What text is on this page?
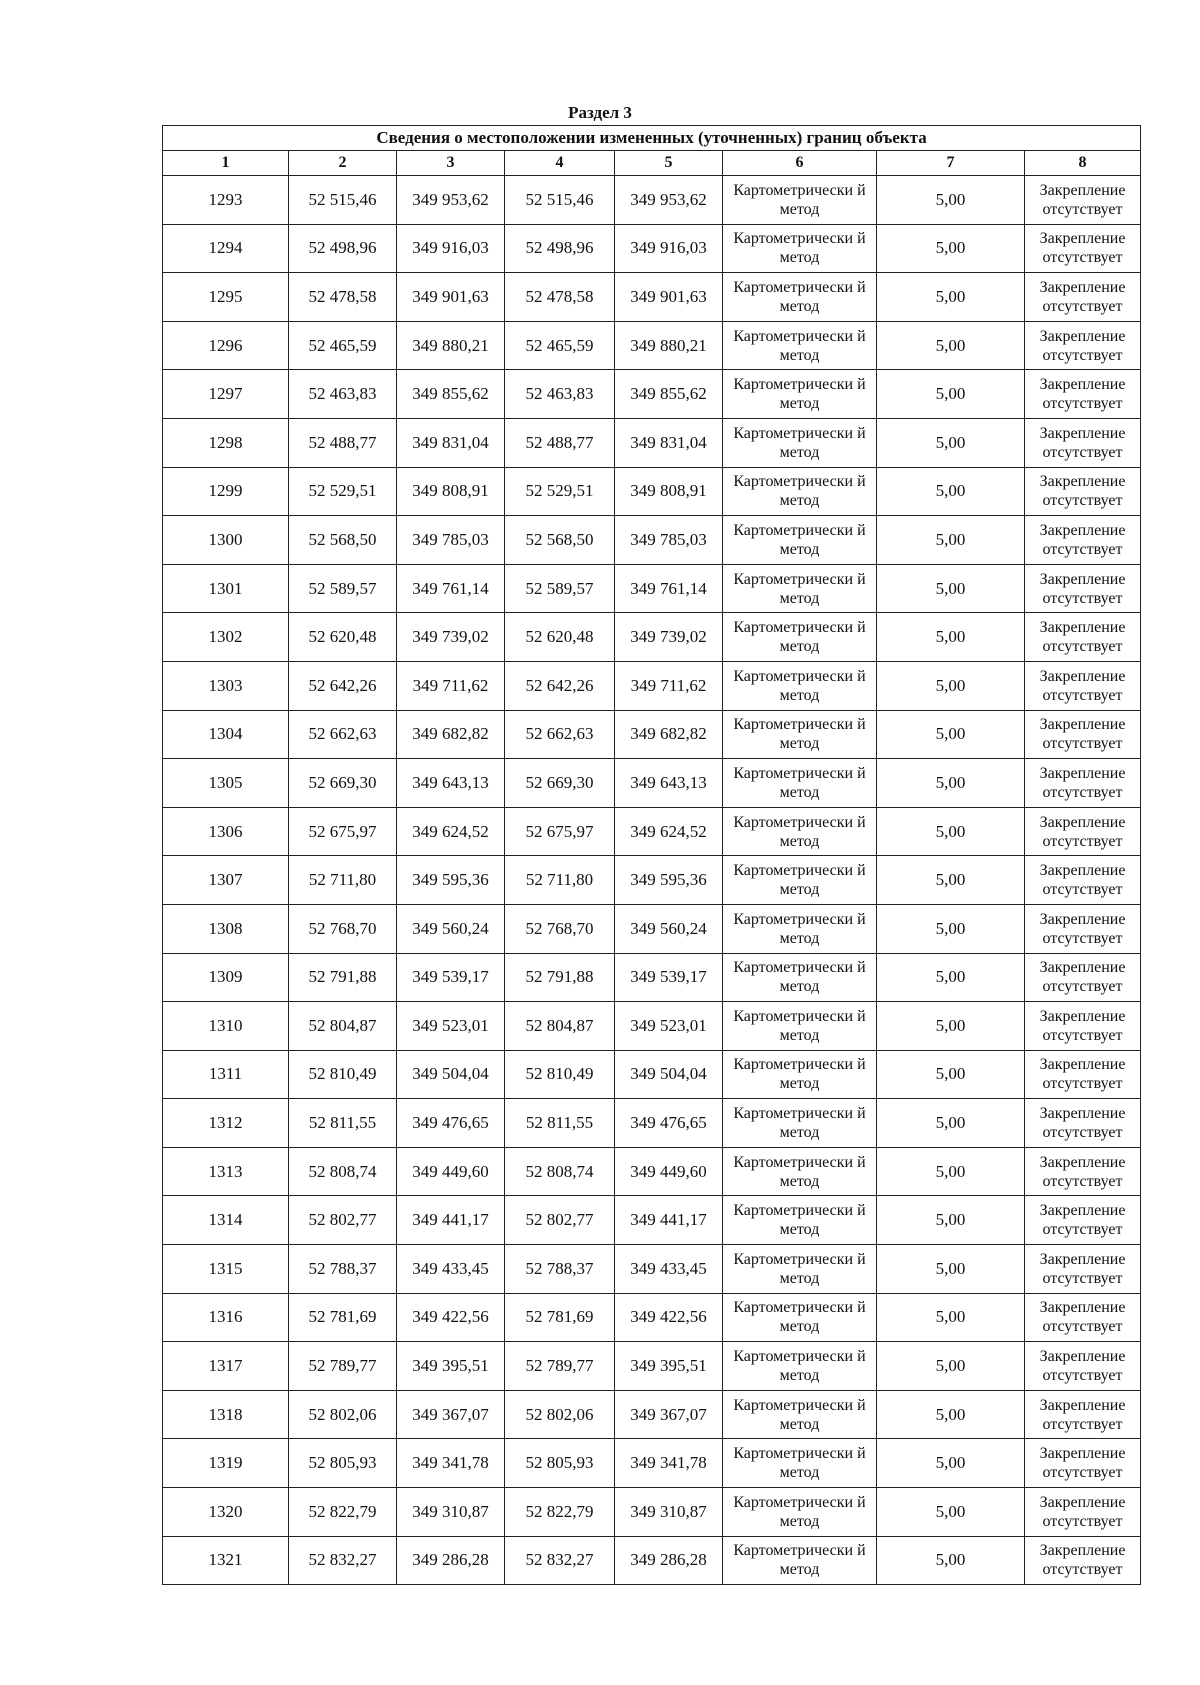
Раздел 3
Сведения о местоположении измененных (уточненных) границ объекта							
1	2	3	4	5	6	7	8
1293	52 515,46	349 953,62	52 515,46	349 953,62	Картометрически й метод	5,00	Закрепление отсутствует
1294	52 498,96	349 916,03	52 498,96	349 916,03	Картометрически й метод	5,00	Закрепление отсутствует
1295	52 478,58	349 901,63	52 478,58	349 901,63	Картометрически й метод	5,00	Закрепление отсутствует
1296	52 465,59	349 880,21	52 465,59	349 880,21	Картометрически й метод	5,00	Закрепление отсутствует
1297	52 463,83	349 855,62	52 463,83	349 855,62	Картометрически й метод	5,00	Закрепление отсутствует
1298	52 488,77	349 831,04	52 488,77	349 831,04	Картометрически й метод	5,00	Закрепление отсутствует
1299	52 529,51	349 808,91	52 529,51	349 808,91	Картометрически й метод	5,00	Закрепление отсутствует
1300	52 568,50	349 785,03	52 568,50	349 785,03	Картометрически й метод	5,00	Закрепление отсутствует
1301	52 589,57	349 761,14	52 589,57	349 761,14	Картометрически й метод	5,00	Закрепление отсутствует
1302	52 620,48	349 739,02	52 620,48	349 739,02	Картометрически й метод	5,00	Закрепление отсутствует
1303	52 642,26	349 711,62	52 642,26	349 711,62	Картометрически й метод	5,00	Закрепление отсутствует
1304	52 662,63	349 682,82	52 662,63	349 682,82	Картометрически й метод	5,00	Закрепление отсутствует
1305	52 669,30	349 643,13	52 669,30	349 643,13	Картометрически й метод	5,00	Закрепление отсутствует
1306	52 675,97	349 624,52	52 675,97	349 624,52	Картометрически й метод	5,00	Закрепление отсутствует
1307	52 711,80	349 595,36	52 711,80	349 595,36	Картометрически й метод	5,00	Закрепление отсутствует
1308	52 768,70	349 560,24	52 768,70	349 560,24	Картометрически й метод	5,00	Закрепление отсутствует
1309	52 791,88	349 539,17	52 791,88	349 539,17	Картометрически й метод	5,00	Закрепление отсутствует
1310	52 804,87	349 523,01	52 804,87	349 523,01	Картометрически й метод	5,00	Закрепление отсутствует
1311	52 810,49	349 504,04	52 810,49	349 504,04	Картометрически й метод	5,00	Закрепление отсутствует
1312	52 811,55	349 476,65	52 811,55	349 476,65	Картометрически й метод	5,00	Закрепление отсутствует
1313	52 808,74	349 449,60	52 808,74	349 449,60	Картометрически й метод	5,00	Закрепление отсутствует
1314	52 802,77	349 441,17	52 802,77	349 441,17	Картометрически й метод	5,00	Закрепление отсутствует
1315	52 788,37	349 433,45	52 788,37	349 433,45	Картометрически й метод	5,00	Закрепление отсутствует
1316	52 781,69	349 422,56	52 781,69	349 422,56	Картометрически й метод	5,00	Закрепление отсутствует
1317	52 789,77	349 395,51	52 789,77	349 395,51	Картометрически й метод	5,00	Закрепление отсутствует
1318	52 802,06	349 367,07	52 802,06	349 367,07	Картометрически й метод	5,00	Закрепление отсутствует
1319	52 805,93	349 341,78	52 805,93	349 341,78	Картометрически й метод	5,00	Закрепление отсутствует
1320	52 822,79	349 310,87	52 822,79	349 310,87	Картометрически й метод	5,00	Закрепление отсутствует
1321	52 832,27	349 286,28	52 832,27	349 286,28	Картометрически й метод	5,00	Закрепление отсутствует
